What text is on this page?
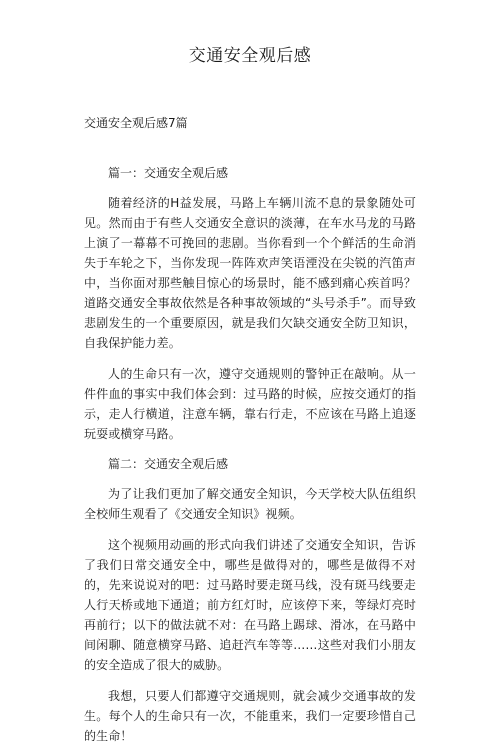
交通安全观后感

交通安全观后感7篇

篇一：交通安全观后感

随着经济的H益发展，马路上车辆川流不息的景象随处可见。然而由于有些人交通安全意识的淡薄，在车水马龙的马路上演了一幕幕不可挽回的悲剧。当你看到一个个鲜活的生命消失于车轮之下，当你发现一阵阵欢声笑语湮没在尖锐的汽笛声中，当你面对那些触目惊心的场景时，能不感到痛心疾首吗？道路交通安全事故依然是各种事故领域的“头号杀手”。而导致悲剧发生的一个重要原因，就是我们欠缺交通安全防卫知识，自我保护能力差。

人的生命只有一次，遵守交通规则的警钟正在敲响。从一件件血的事实中我们体会到：过马路的时候，应按交通灯的指示，走人行横道，注意车辆，靠右行走，不应该在马路上追逐玩耍或横穿马路。

篇二：交通安全观后感

为了让我们更加了解交通安全知识，今天学校大队伍组织全校师生观看了《交通安全知识》视频。

这个视频用动画的形式向我们讲述了交通安全知识，告诉了我们日常交通安全中，哪些是做得对的，哪些是做得不对的，先来说说对的吧：过马路时要走斑马线，没有斑马线要走人行天桥或地下通道；前方红灯时，应该停下来，等绿灯亮时再前行；以下的做法就不对：在马路上踢球、滑冰，在马路中间闲聊、随意横穿马路、追赶汽车等等……这些对我们小朋友的安全造成了很大的威胁。

我想，只要人们都遵守交通规则，就会减少交通事故的发生。每个人的生命只有一次，不能重来，我们一定要珍惜自己的生命！
